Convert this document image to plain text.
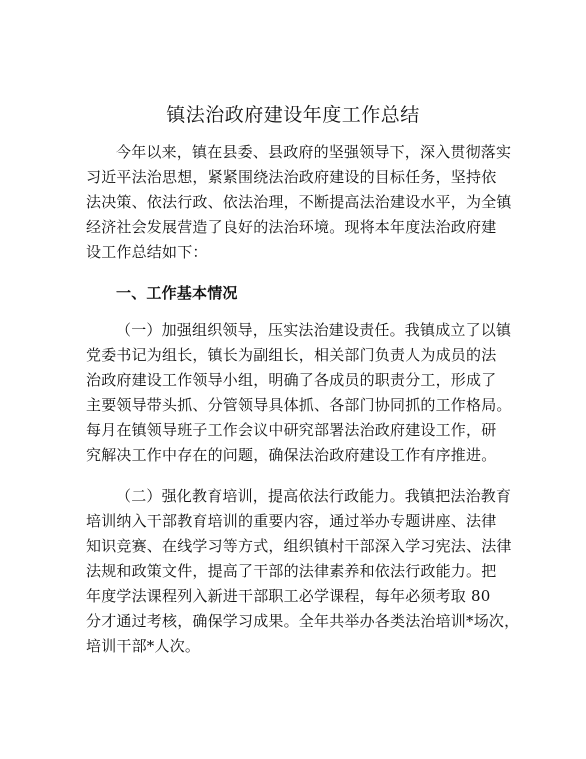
镇法治政府建设年度工作总结
今年以来，镇在县委、县政府的坚强领导下，深入贯彻落实
习近平法治思想，紧紧围绕法治政府建设的目标任务，坚持依
法决策、依法行政、依法治理，不断提高法治建设水平，为全镇
经济社会发展营造了良好的法治环境。现将本年度法治政府建
设工作总结如下：
一、工作基本情况
（一）加强组织领导，压实法治建设责任。我镇成立了以镇
党委书记为组长，镇长为副组长，相关部门负责人为成员的法
治政府建设工作领导小组，明确了各成员的职责分工，形成了
主要领导带头抓、分管领导具体抓、各部门协同抓的工作格局。
每月在镇领导班子工作会议中研究部署法治政府建设工作，研
究解决工作中存在的问题，确保法治政府建设工作有序推进。
（二）强化教育培训，提高依法行政能力。我镇把法治教育
培训纳入干部教育培训的重要内容，通过举办专题讲座、法律
知识竞赛、在线学习等方式，组织镇村干部深入学习宪法、法律
法规和政策文件，提高了干部的法律素养和依法行政能力。把
年度学法课程列入新进干部职工必学课程，每年必须考取 80
分才通过考核，确保学习成果。全年共举办各类法治培训*场次，
培训干部*人次。
